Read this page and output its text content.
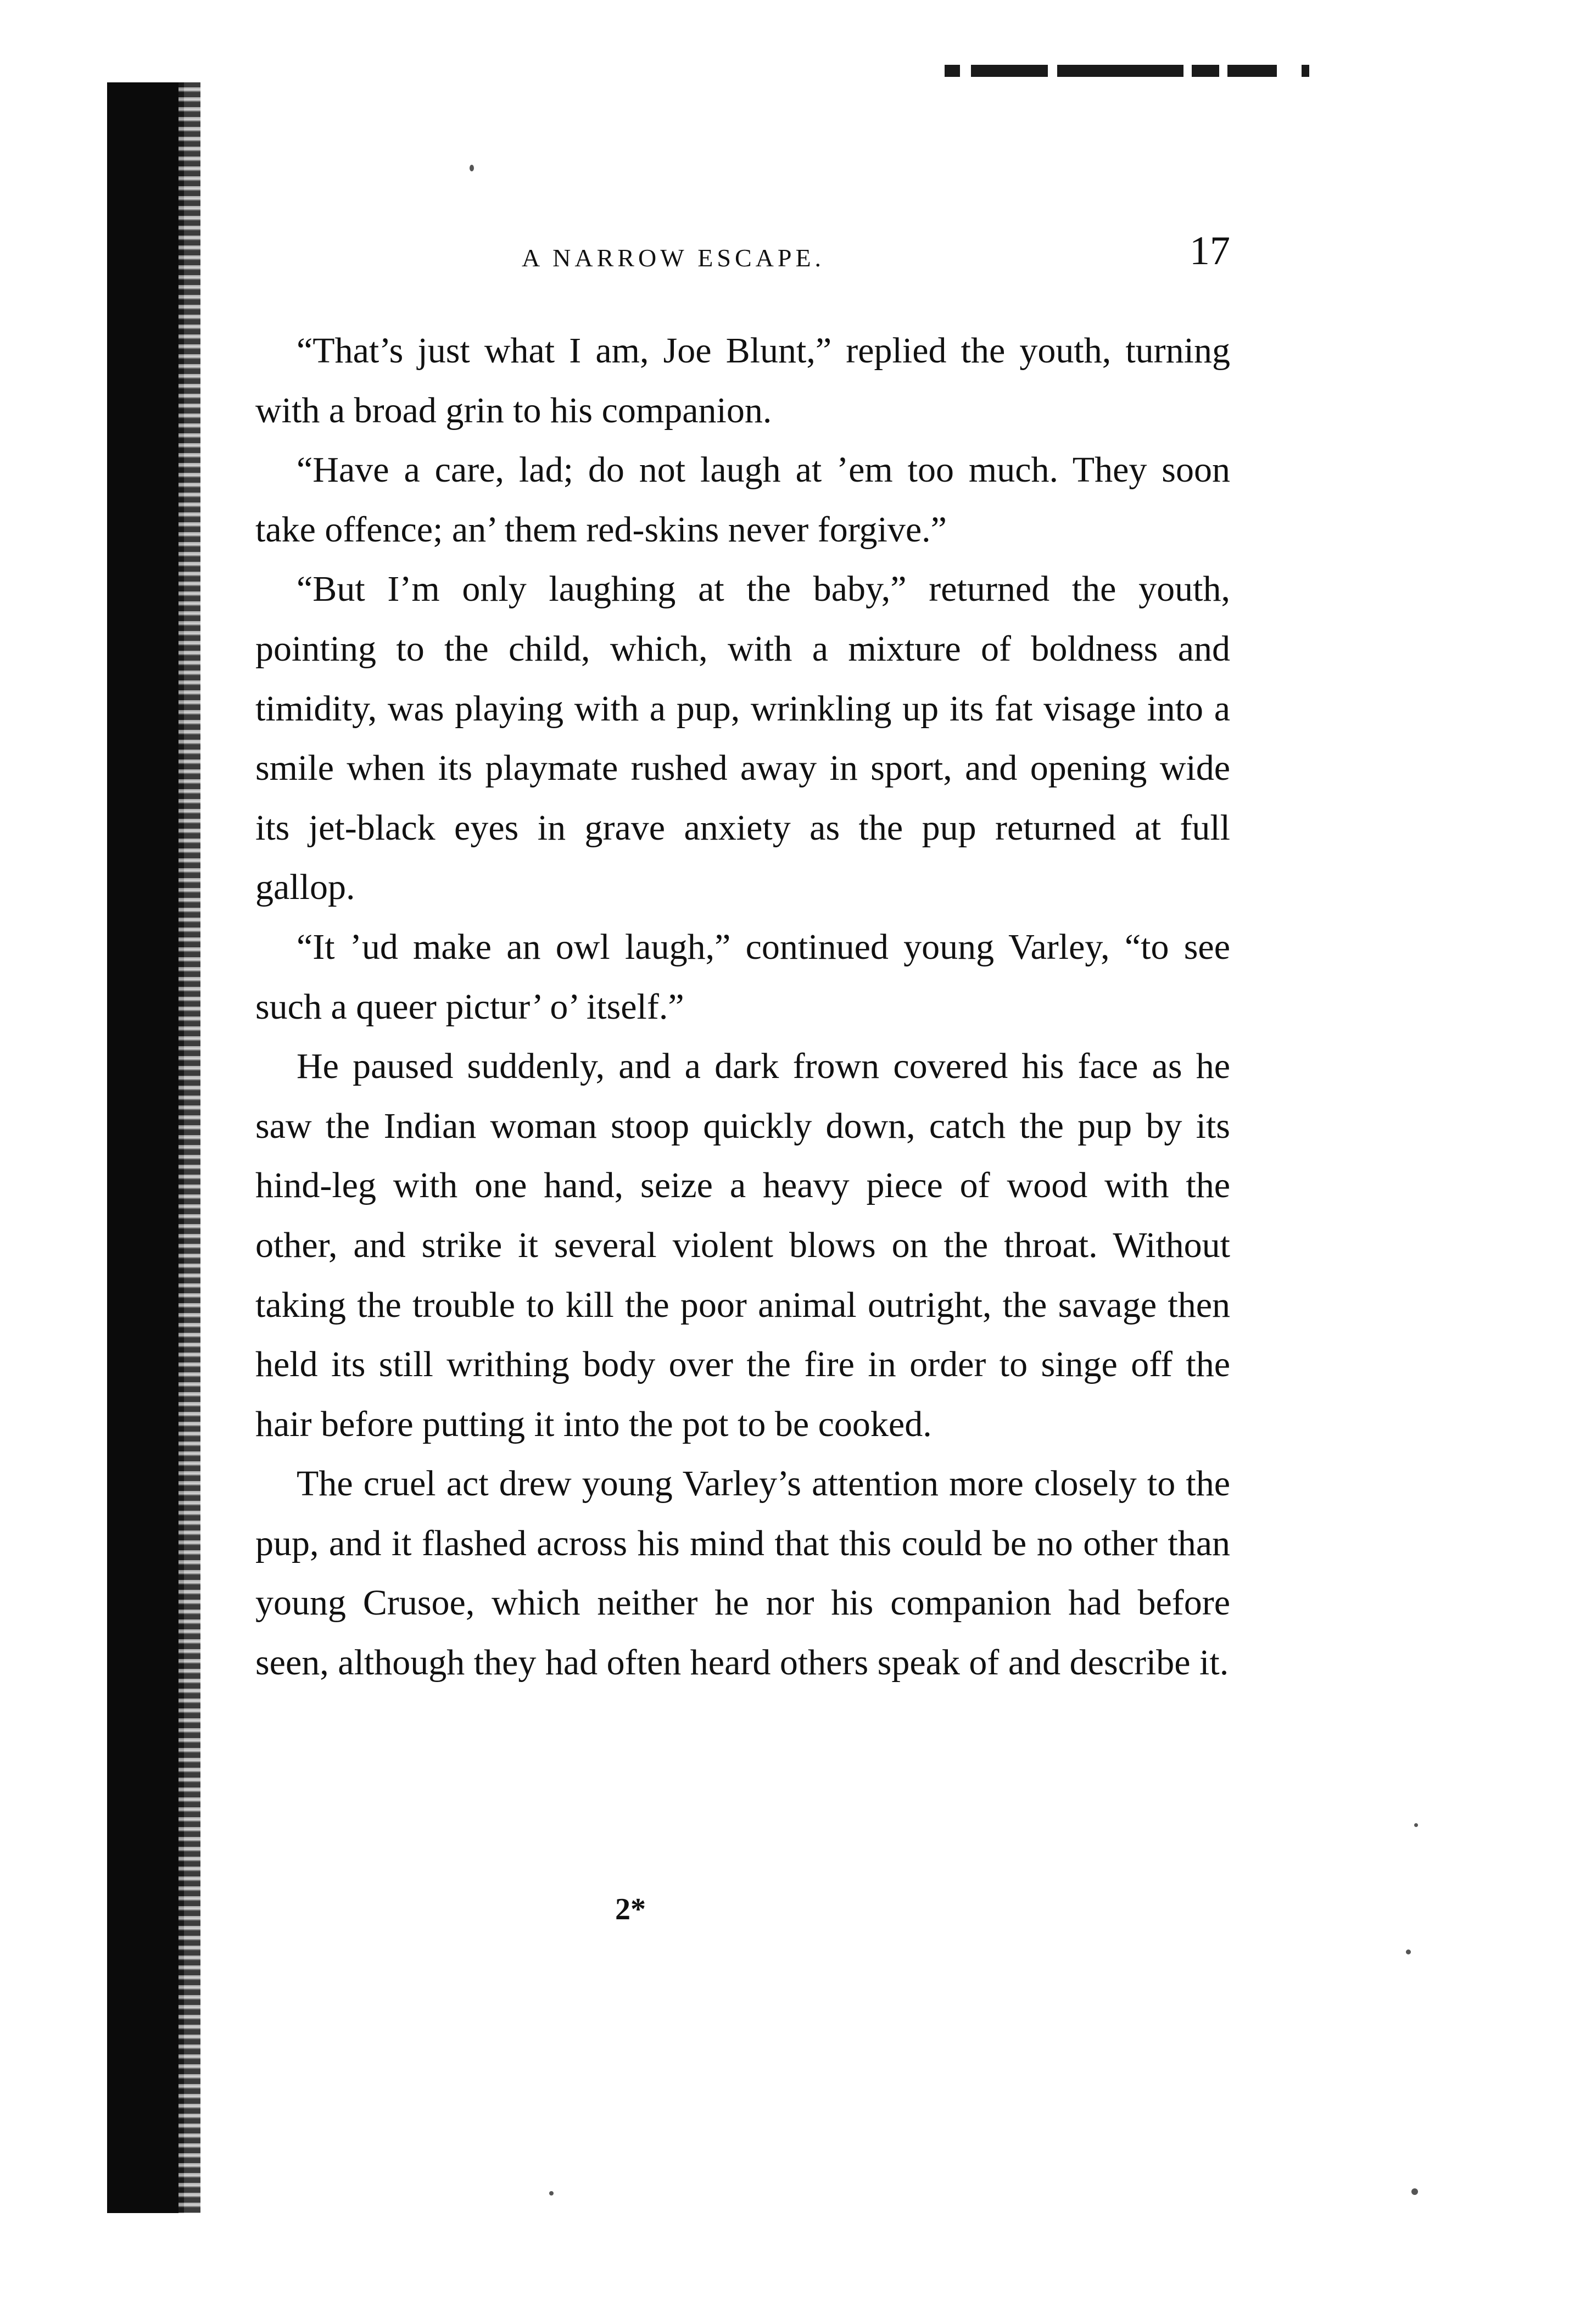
A NARROW ESCAPE.	17

“That’s just what I am, Joe Blunt,” replied the youth, turning with a broad grin to his companion.

“Have a care, lad; do not laugh at ’em too much. They soon take offence; an’ them red-skins never forgive.”

“But I’m only laughing at the baby,” returned the youth, pointing to the child, which, with a mixture of boldness and timidity, was playing with a pup, wrinkling up its fat visage into a smile when its playmate rushed away in sport, and opening wide its jet-black eyes in grave anxiety as the pup returned at full gallop.

“It ’ud make an owl laugh,” continued young Varley, “to see such a queer pictur’ o’ itself.”

He paused suddenly, and a dark frown covered his face as he saw the Indian woman stoop quickly down, catch the pup by its hind-leg with one hand, seize a heavy piece of wood with the other, and strike it several violent blows on the throat. Without taking the trouble to kill the poor animal outright, the savage then held its still writhing body over the fire in order to singe off the hair before putting it into the pot to be cooked.

The cruel act drew young Varley’s attention more closely to the pup, and it flashed across his mind that this could be no other than young Crusoe, which neither he nor his companion had before seen, although they had often heard others speak of and describe it.

2*
